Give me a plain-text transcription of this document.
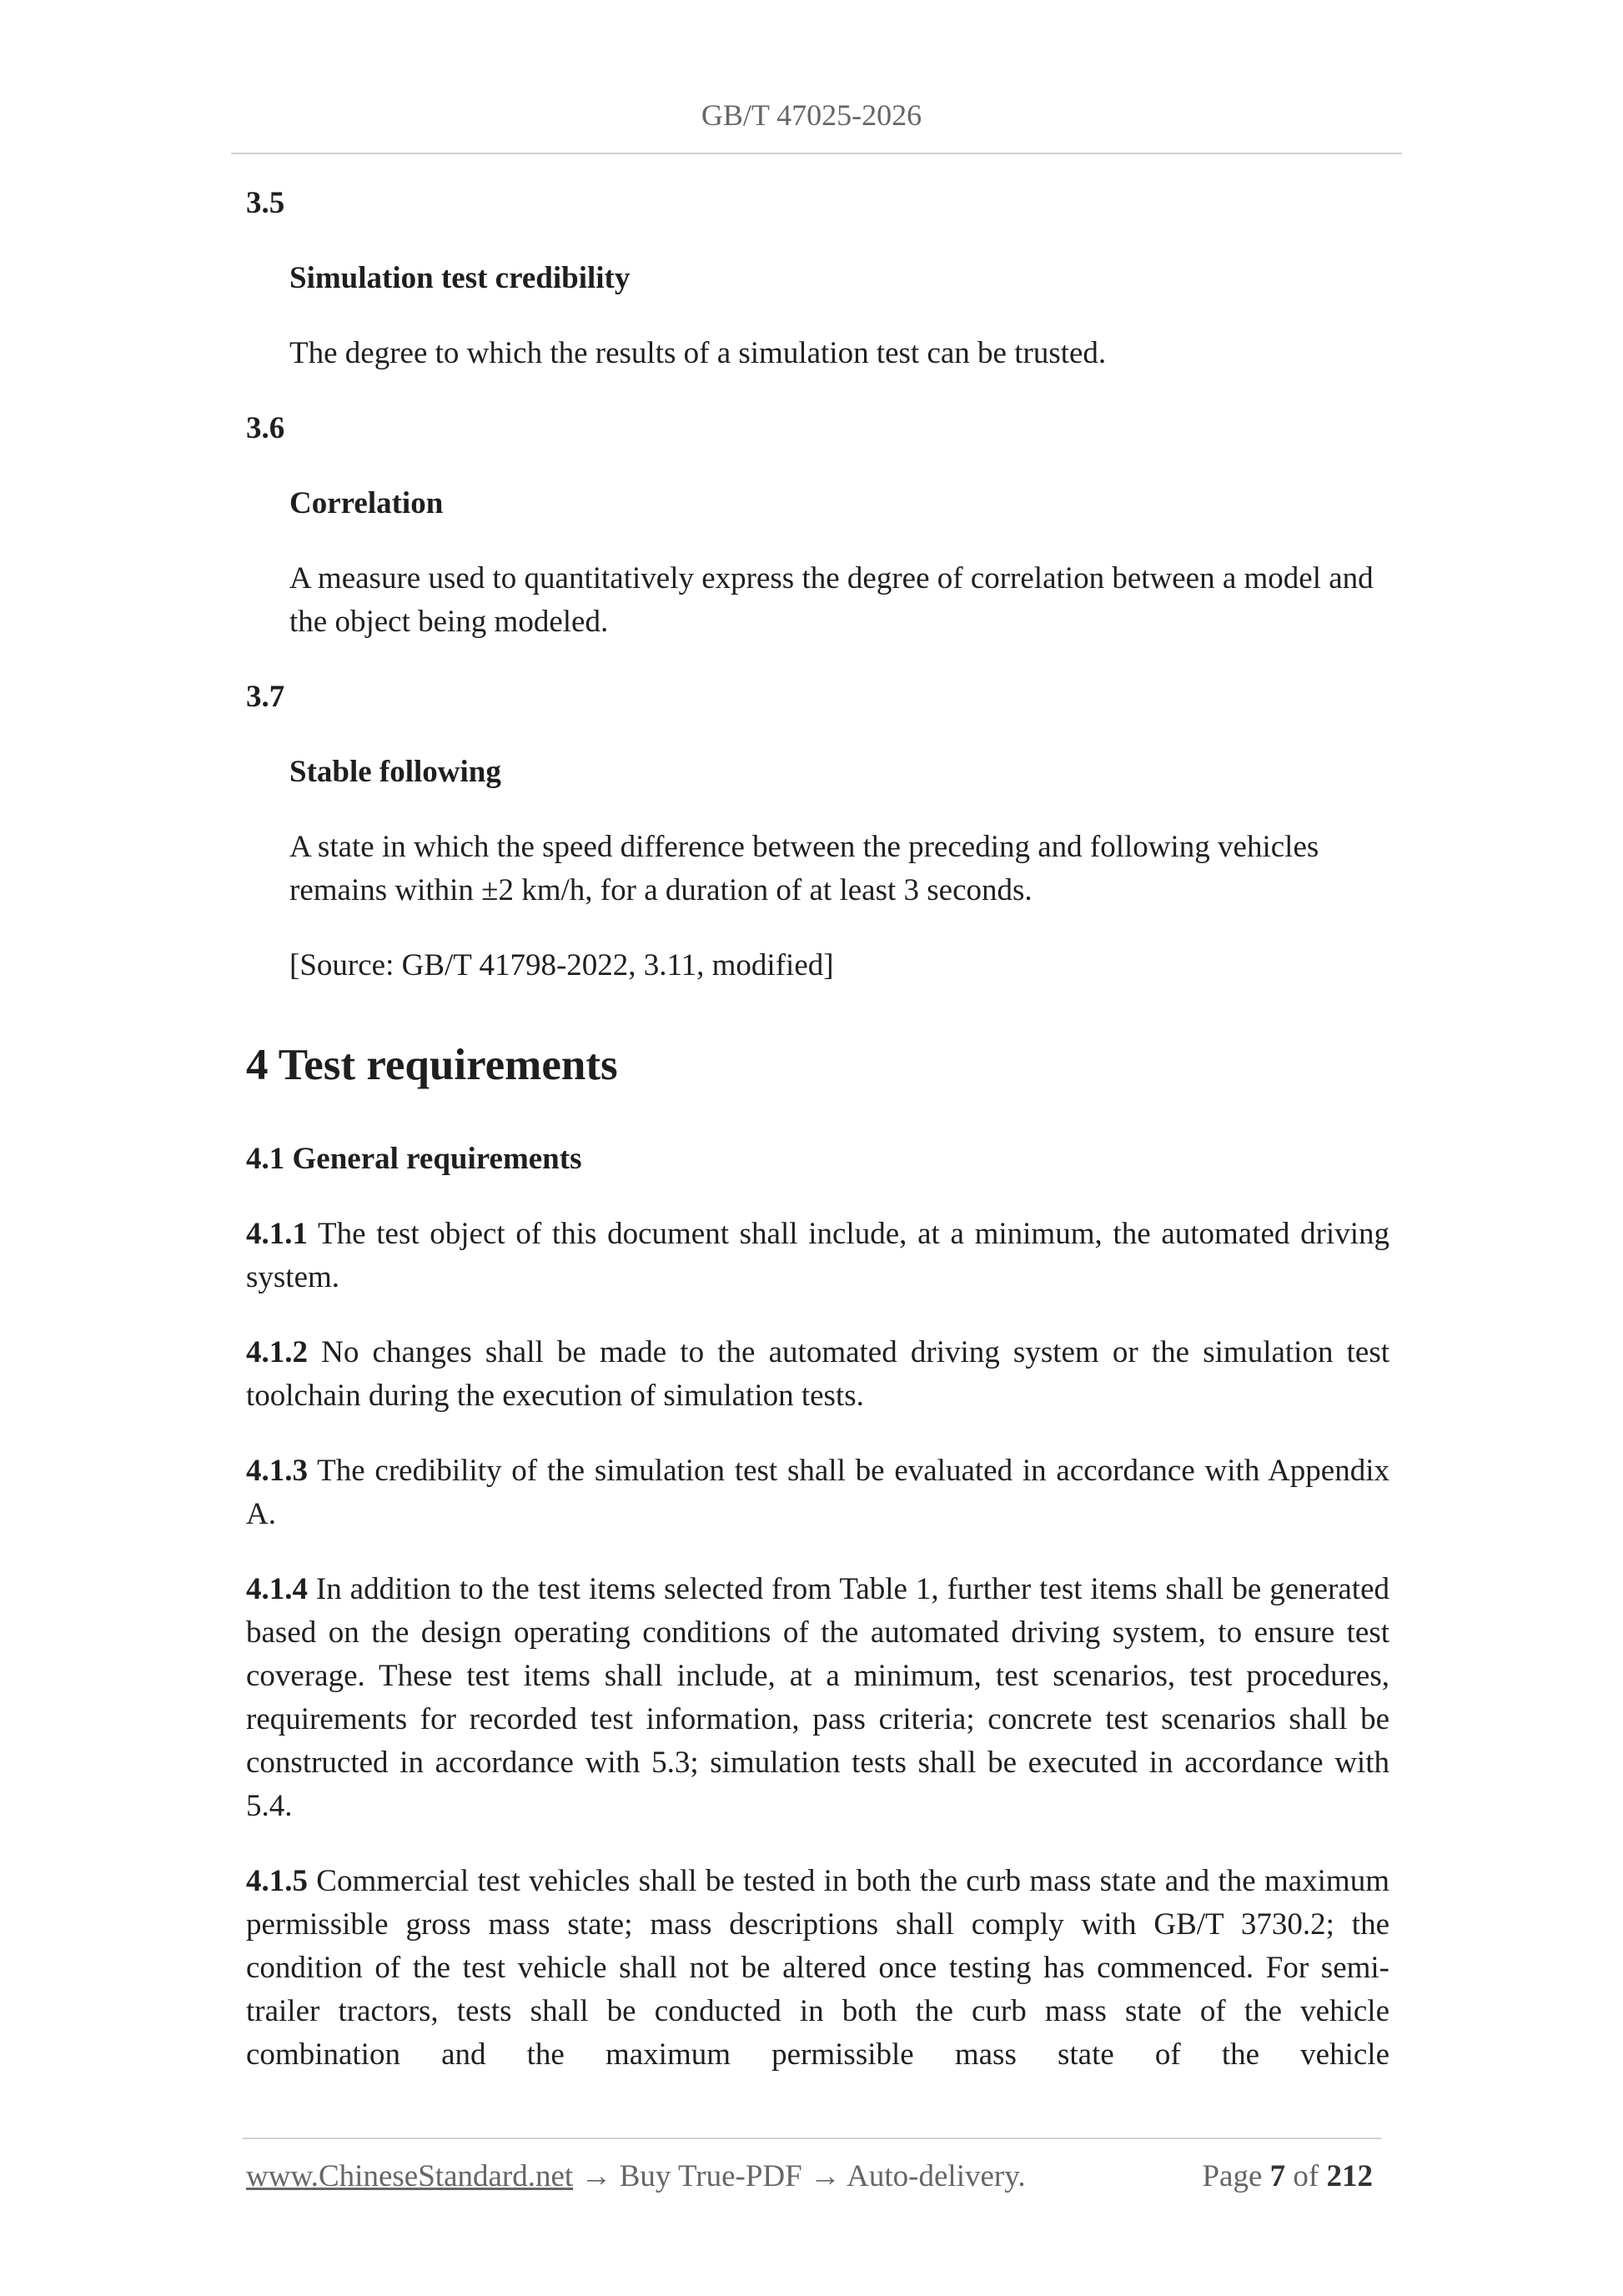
GB/T 47025-2026
3.5
Simulation test credibility
The degree to which the results of a simulation test can be trusted.
3.6
Correlation
A measure used to quantitatively express the degree of correlation between a model and the object being modeled.
3.7
Stable following
A state in which the speed difference between the preceding and following vehicles remains within ±2 km/h, for a duration of at least 3 seconds.
[Source: GB/T 41798-2022, 3.11, modified]
4 Test requirements
4.1 General requirements
4.1.1 The test object of this document shall include, at a minimum, the automated driving system.
4.1.2 No changes shall be made to the automated driving system or the simulation test toolchain during the execution of simulation tests.
4.1.3 The credibility of the simulation test shall be evaluated in accordance with Appendix A.
4.1.4 In addition to the test items selected from Table 1, further test items shall be generated based on the design operating conditions of the automated driving system, to ensure test coverage. These test items shall include, at a minimum, test scenarios, test procedures, requirements for recorded test information, pass criteria; concrete test scenarios shall be constructed in accordance with 5.3; simulation tests shall be executed in accordance with 5.4.
4.1.5 Commercial test vehicles shall be tested in both the curb mass state and the maximum permissible gross mass state; mass descriptions shall comply with GB/T 3730.2; the condition of the test vehicle shall not be altered once testing has commenced. For semi-trailer tractors, tests shall be conducted in both the curb mass state of the vehicle combination and the maximum permissible mass state of the vehicle
www.ChineseStandard.net → Buy True-PDF → Auto-delivery.	Page 7 of 212
